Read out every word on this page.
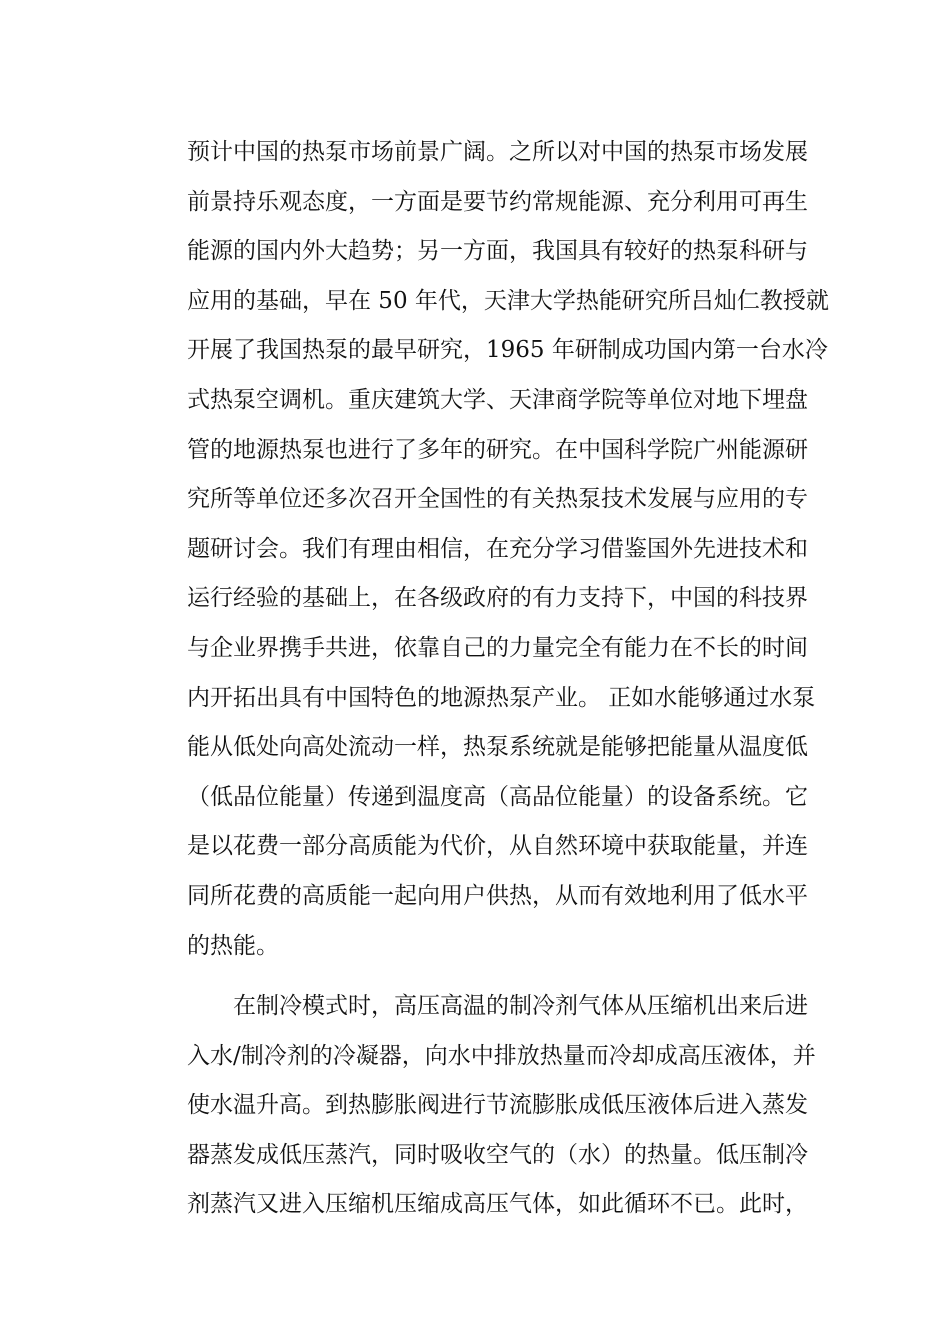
预计中国的热泵市场前景广阔。之所以对中国的热泵市场发展
前景持乐观态度，一方面是要节约常规能源、充分利用可再生
能源的国内外大趋势；另一方面，我国具有较好的热泵科研与
应用的基础，早在 50 年代，天津大学热能研究所吕灿仁教授就
开展了我国热泵的最早研究，1965 年研制成功国内第一台水冷
式热泵空调机。重庆建筑大学、天津商学院等单位对地下埋盘
管的地源热泵也进行了多年的研究。在中国科学院广州能源研
究所等单位还多次召开全国性的有关热泵技术发展与应用的专
题研讨会。我们有理由相信，在充分学习借鉴国外先进技术和
运行经验的基础上，在各级政府的有力支持下，中国的科技界
与企业界携手共进，依靠自己的力量完全有能力在不长的时间
内开拓出具有中国特色的地源热泵产业。 正如水能够通过水泵
能从低处向高处流动一样，热泵系统就是能够把能量从温度低
（低品位能量）传递到温度高（高品位能量）的设备系统。它
是以花费一部分高质能为代价，从自然环境中获取能量，并连
同所花费的高质能一起向用户供热，从而有效地利用了低水平
的热能。
在制冷模式时，高压高温的制冷剂气体从压缩机出来后进
入水/制冷剂的冷凝器，向水中排放热量而冷却成高压液体，并
使水温升高。到热膨胀阀进行节流膨胀成低压液体后进入蒸发
器蒸发成低压蒸汽，同时吸收空气的（水）的热量。低压制冷
剂蒸汽又进入压缩机压缩成高压气体，如此循环不已。此时，
